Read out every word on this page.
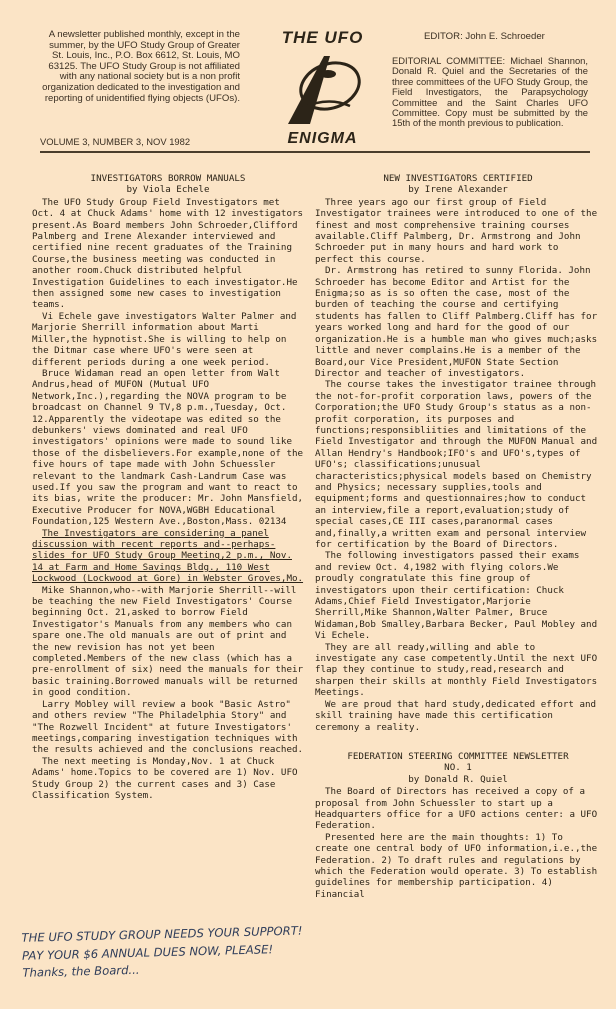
A newsletter published monthly, except in the summer, by the UFO Study Group of Greater St. Louis, Inc., P.O. Box 6612, St. Louis, MO 63125. The UFO Study Group is not affiliated with any national society but is a non profit organization dedicated to the investigation and reporting of unidentified flying objects (UFOs).
VOLUME 3, NUMBER 3, NOV 1982
THE UFO
ENIGMA
EDITOR: John E. Schroeder
EDITORIAL COMMITTEE: Michael Shannon, Donald R. Quiel and the Secretaries of the three committees of the UFO Study Group, the Field Investigators, the Parapsychology Committee and the Saint Charles UFO Committee. Copy must be submitted by the 15th of the month previous to publication.
INVESTIGATORS BORROW MANUALS
by Viola Echele

The UFO Study Group Field Investigators met Oct. 4 at Chuck Adams' home with 12 investigators present.As Board members John Schroeder,Clifford Palmberg and Irene Alexander interviewed and certified nine recent graduates of the Training Course,the business meeting was conducted in another room.Chuck distributed helpful Investigation Guidelines to each investigator.He then assigned some new cases to investigation teams.

Vi Echele gave investigators Walter Palmer and Marjorie Sherrill information about Marti Miller,the hypnotist.She is willing to help on the Ditmar case where UFO's were seen at different periods during a one week period.

Bruce Widaman read an open letter from Walt Andrus,head of MUFON (Mutual UFO Network,Inc.),regarding the NOVA program to be broadcast on Channel 9 TV,8 p.m.,Tuesday, Oct. 12.Apparently the videotape was edited so the debunkers' views dominated and real UFO investigators' opinions were made to sound like those of the disbelievers.For example,none of the five hours of tape made with John Schuessler relevant to the landmark Cash-Landrum Case was used.If you saw the program and want to react to its bias, write the producer: Mr. John Mansfield, Executive Producer for NOVA,WGBH Educational Foundation,125 Western Ave.,Boston,Mass. 02134

The Investigators are considering a panel discussion with recent reports and--perhaps-slides for UFO Study Group Meeting,2 p.m., Nov. 14 at Farm and Home Savings Bldg., 110 West Lockwood (Lockwood at Gore) in Webster Groves,Mo.

Mike Shannon,who--with Marjorie Sherrill--will be teaching the new Field Investigators' Course beginning Oct. 21,asked to borrow Field Investigator's Manuals from any members who can spare one.The old manuals are out of print and the new revision has not yet been completed.Members of the new class (which has a pre-enrollment of six) need the manuals for their basic training.Borrowed manuals will be returned in good condition.

Larry Mobley will review a book "Basic Astro" and others review "The Philadelphia Story" and "The Rozwell Incident" at future Investigators' meetings,comparing investigation techniques with the results achieved and the conclusions reached.

The next meeting is Monday,Nov. 1 at Chuck Adams' home.Topics to be covered are 1) Nov. UFO Study Group 2) the current cases and 3) Case Classification System.

THE UFO STUDY GROUP NEEDS YOUR SUPPORT! PAY YOUR $6 ANNUAL DUES NOW, PLEASE! Thanks, the Board...
NEW INVESTIGATORS CERTIFIED
by Irene Alexander

Three years ago our first group of Field Investigator trainees were introduced to one of the finest and most comprehensive training courses available.Cliff Palmberg, Dr. Armstrong and John Schroeder put in many hours and hard work to perfect this course.

Dr. Armstrong has retired to sunny Florida. John Schroeder has become Editor and Artist for the Enigma;so as is so often the case, most of the burden of teaching the course and certifying students has fallen to Cliff Palmberg.Cliff has for years worked long and hard for the good of our organization.He is a humble man who gives much;asks little and never complains.He is a member of the Board,our Vice President,MUFON State Section Director and teacher of investigators.

The course takes the investigator trainee through the not-for-profit corporation laws, powers of the Corporation;the UFO Study Group's status as a non-profit corporation, its purposes and functions;responsibliities and limitations of the Field Investigator and through the MUFON Manual and Allan Hendry's Handbook;IFO's and UFO's,types of UFO's; classifications;unusual characteristics;physical models based on Chemistry and Physics; necessary supplies,tools and equipment;forms and questionnaires;how to conduct an interview,file a report,evaluation;study of special cases,CE III cases,paranormal cases and,finally,a written exam and personal interview for certification by the Board of Directors.

The following investigators passed their exams and review Oct. 4,1982 with flying colors.We proudly congratulate this fine group of investigators upon their certification: Chuck Adams,Chief Field Investigator,Marjorie Sherrill,Mike Shannon,Walter Palmer, Bruce Widaman,Bob Smalley,Barbara Becker, Paul Mobley and Vi Echele.

They are all ready,willing and able to investigate any case competently.Until the next UFO flap they continue to study,read,research and sharpen their skills at monthly Field Investigators Meetings.

We are proud that hard study,dedicated effort and skill training have made this certification ceremony a reality.

FEDERATION STEERING COMMITTEE NEWSLETTER
NO. 1
by Donald R. Quiel

The Board of Directors has received a copy of a proposal from John Schuessler to start up a Headquarters office for a UFO actions center: a UFO Federation.

Presented here are the main thoughts: 1) To create one central body of UFO information,i.e.,the Federation. 2) To draft rules and regulations by which the Federation would operate. 3) To establish guidelines for membership participation. 4) Financial
